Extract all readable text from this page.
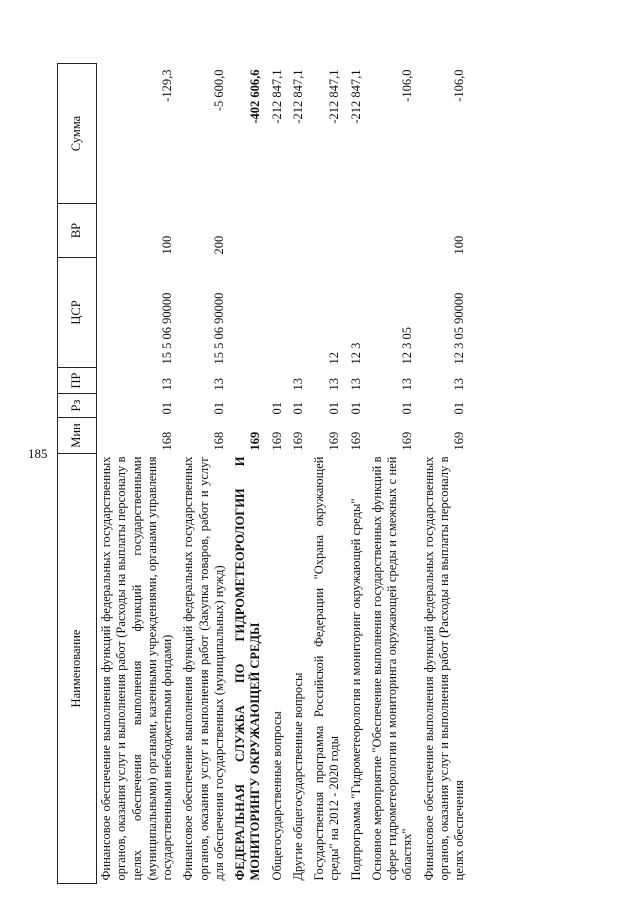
185
Наименование	Мин	Рз	ПР	ЦСР	ВР	Сумма
Финансовое обеспечение выполнения функций федеральных государственных органов, оказания услуг и выполнения работ (Расходы на выплаты персоналу в целях обеспечения выполнения функций государственными (муниципальными) органами, казенными учреждениями, органами управления государственными внебюджетными фондами)	168	01	13	15 5 06 90000	100	-129,3
Финансовое обеспечение выполнения функций федеральных государственных органов, оказания услуг и выполнения работ (Закупка товаров, работ и услуг для обеспечения государственных (муниципальных) нужд)	168	01	13	15 5 06 90000	200	-5 600,0
ФЕДЕРАЛЬНАЯ СЛУЖБА ПО ГИДРОМЕТЕОРОЛОГИИ И МОНИТОРИНГУ ОКРУЖАЮЩЕЙ СРЕДЫ	169					-402 606,6
Общегосударственные вопросы	169	01				-212 847,1
Другие общегосударственные вопросы	169	01	13			-212 847,1
Государственная программа Российской Федерации "Охрана окружающей среды" на 2012 - 2020 годы	169	01	13	12		-212 847,1
Подпрограмма "Гидрометеорология и мониторинг окружающей среды"	169	01	13	12 3		-212 847,1
Основное мероприятие "Обеспечение выполнения государственных функций в сфере гидрометеорологии и мониторинга окружающей среды и смежных с ней областях"	169	01	13	12 3 05		-106,0
Финансовое обеспечение выполнения функций федеральных государственных органов, оказания услуг и выполнения работ (Расходы на выплаты персоналу в целях обеспечения	169	01	13	12 3 05 90000	100	-106,0
